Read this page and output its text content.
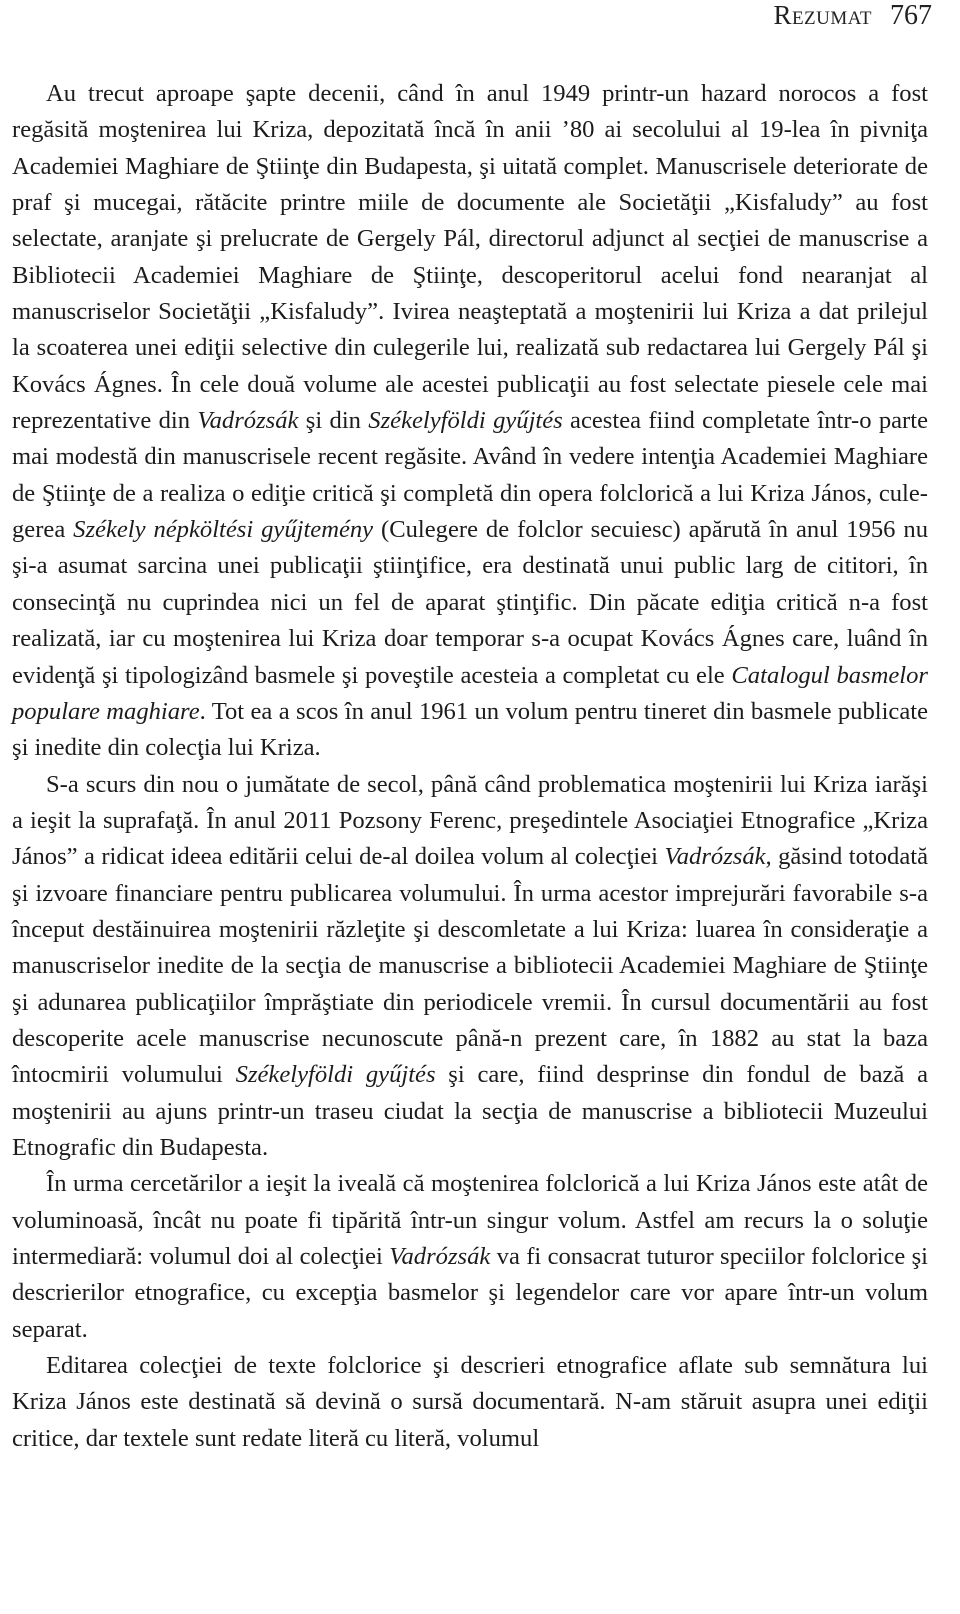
Rezumat 767

Au trecut aproape şapte decenii, când în anul 1949 printr-un hazard norocos a fost regăsită moştenirea lui Kriza, depozitată încă în anii ’80 ai secolului al 19-lea în pivniţa Academiei Maghiare de Ştiinţe din Budapesta, şi uitată complet. Manuscrisele deteriorate de praf şi mucegai, rătăcite printre miile de documente ale Societăţii „Kisfaludy” au fost selectate, aranjate şi prelucrate de Gergely Pál, directorul adjunct al secţiei de manuscrise a Bibliotecii Academiei Maghiare de Ştiinţe, descoperitorul acelui fond nearanjat al manuscriselor Societăţii „Kisfaludy”. Ivirea neaşteptată a moştenirii lui Kriza a dat prilejul la scoaterea unei ediţii selective din culegerile lui, realizată sub redactarea lui Gergely Pál şi Kovács Ágnes. În cele două volume ale acestei publicaţii au fost selectate piesele cele mai reprezentative din Vadrózsák şi din Székelyföldi gyűjtés acestea fiind completate într-o parte mai modestă din manuscrisele recent regăsite. Având în vedere intenţia Academiei Maghiare de Ştiinţe de a realiza o ediţie critică şi completă din opera folclorică a lui Kriza János, culegerea Székely népköltési gyűjtemény (Culegere de folclor secuiesc) apărută în anul 1956 nu şi-a asumat sarcina unei publicaţii ştiinţifice, era destinată unui public larg de cititori, în consecinţă nu cuprindea nici un fel de aparat ştinţific. Din păcate ediţia critică n-a fost realizată, iar cu moştenirea lui Kriza doar temporar s-a ocupat Kovács Ágnes care, luând în evidenţă şi tipologizând basmele şi poveştile acesteia a completat cu ele Catalogul basmelor populare maghiare. Tot ea a scos în anul 1961 un volum pentru tineret din basmele publicate şi inedite din colecţia lui Kriza.

S-a scurs din nou o jumătate de secol, până când problematica moştenirii lui Kriza iarăşi a ieşit la suprafaţă. În anul 2011 Pozsony Ferenc, preşedintele Asociaţiei Etnografice „Kriza János” a ridicat ideea editării celui de-al doilea volum al colecţiei Vadrózsák, găsind totodată şi izvoare financiare pentru publicarea volumului. În urma acestor imprejurări favorabile s-a început destăinuirea moştenirii răzleţite şi descomletate a lui Kriza: luarea în consideraţie a manuscriselor inedite de la secţia de manuscrise a bibliotecii Academiei Maghiare de Ştiinţe şi adunarea publicaţiilor împrăştiate din periodicele vremii. În cursul documentării au fost descoperite acele manuscrise necunoscute până-n prezent care, în 1882 au stat la baza întocmirii volumului Székelyföldi gyűjtés şi care, fiind desprinse din fondul de bază a moştenirii au ajuns printr-un traseu ciudat la secţia de manuscrise a bibliotecii Muzeului Etnografic din Budapesta.

În urma cercetărilor a ieşit la iveală că moştenirea folclorică a lui Kriza János este atât de voluminoasă, încât nu poate fi tipărită într-un singur volum. Astfel am recurs la o soluţie intermediară: volumul doi al colecţiei Vadrózsák va fi consacrat tuturor speciilor folclorice şi descrierilor etnografice, cu excepţia basmelor şi legendelor care vor apare într-un volum separat.

Editarea colecţiei de texte folclorice şi descrieri etnografice aflate sub semnătura lui Kriza János este destinată să devină o sursă documentară. N-am stăruit asupra unei ediţii critice, dar textele sunt redate literă cu literă, volumul
